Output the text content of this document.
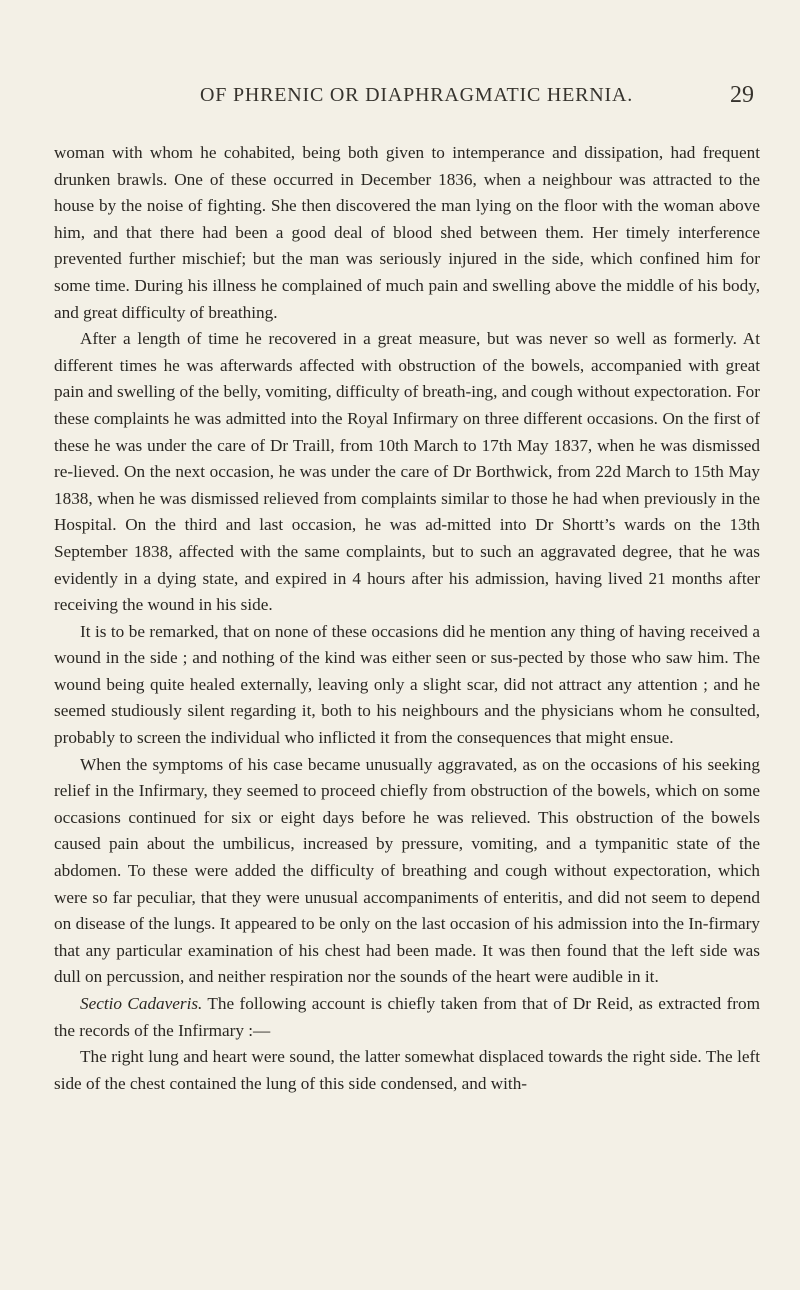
OF PHRENIC OR DIAPHRAGMATIC HERNIA.	29

woman with whom he cohabited, being both given to intemperance and dissipation, had frequent drunken brawls. One of these occurred in December 1836, when a neighbour was attracted to the house by the noise of fighting. She then discovered the man lying on the floor with the woman above him, and that there had been a good deal of blood shed between them. Her timely interference prevented further mischief; but the man was seriously injured in the side, which confined him for some time. During his illness he complained of much pain and swelling above the middle of his body, and great difficulty of breathing.

After a length of time he recovered in a great measure, but was never so well as formerly. At different times he was afterwards affected with obstruction of the bowels, accompanied with great pain and swelling of the belly, vomiting, difficulty of breath-ing, and cough without expectoration. For these complaints he was admitted into the Royal Infirmary on three different occasions. On the first of these he was under the care of Dr Traill, from 10th March to 17th May 1837, when he was dismissed re-lieved. On the next occasion, he was under the care of Dr Borthwick, from 22d March to 15th May 1838, when he was dismissed relieved from complaints similar to those he had when previously in the Hospital. On the third and last occasion, he was ad-mitted into Dr Shortt’s wards on the 13th September 1838, affected with the same complaints, but to such an aggravated degree, that he was evidently in a dying state, and expired in 4 hours after his admission, having lived 21 months after receiving the wound in his side.

It is to be remarked, that on none of these occasions did he mention any thing of having received a wound in the side ; and nothing of the kind was either seen or sus-pected by those who saw him. The wound being quite healed externally, leaving only a slight scar, did not attract any attention ; and he seemed studiously silent regarding it, both to his neighbours and the physicians whom he consulted, probably to screen the individual who inflicted it from the consequences that might ensue.

When the symptoms of his case became unusually aggravated, as on the occasions of his seeking relief in the Infirmary, they seemed to proceed chiefly from obstruction of the bowels, which on some occasions continued for six or eight days before he was relieved. This obstruction of the bowels caused pain about the umbilicus, increased by pressure, vomiting, and a tympanitic state of the abdomen. To these were added the difficulty of breathing and cough without expectoration, which were so far peculiar, that they were unusual accompaniments of enteritis, and did not seem to depend on disease of the lungs. It appeared to be only on the last occasion of his admission into the In-firmary that any particular examination of his chest had been made. It was then found that the left side was dull on percussion, and neither respiration nor the sounds of the heart were audible in it.

Sectio Cadaveris. The following account is chiefly taken from that of Dr Reid, as extracted from the records of the Infirmary :—

The right lung and heart were sound, the latter somewhat displaced towards the right side. The left side of the chest contained the lung of this side condensed, and with-
